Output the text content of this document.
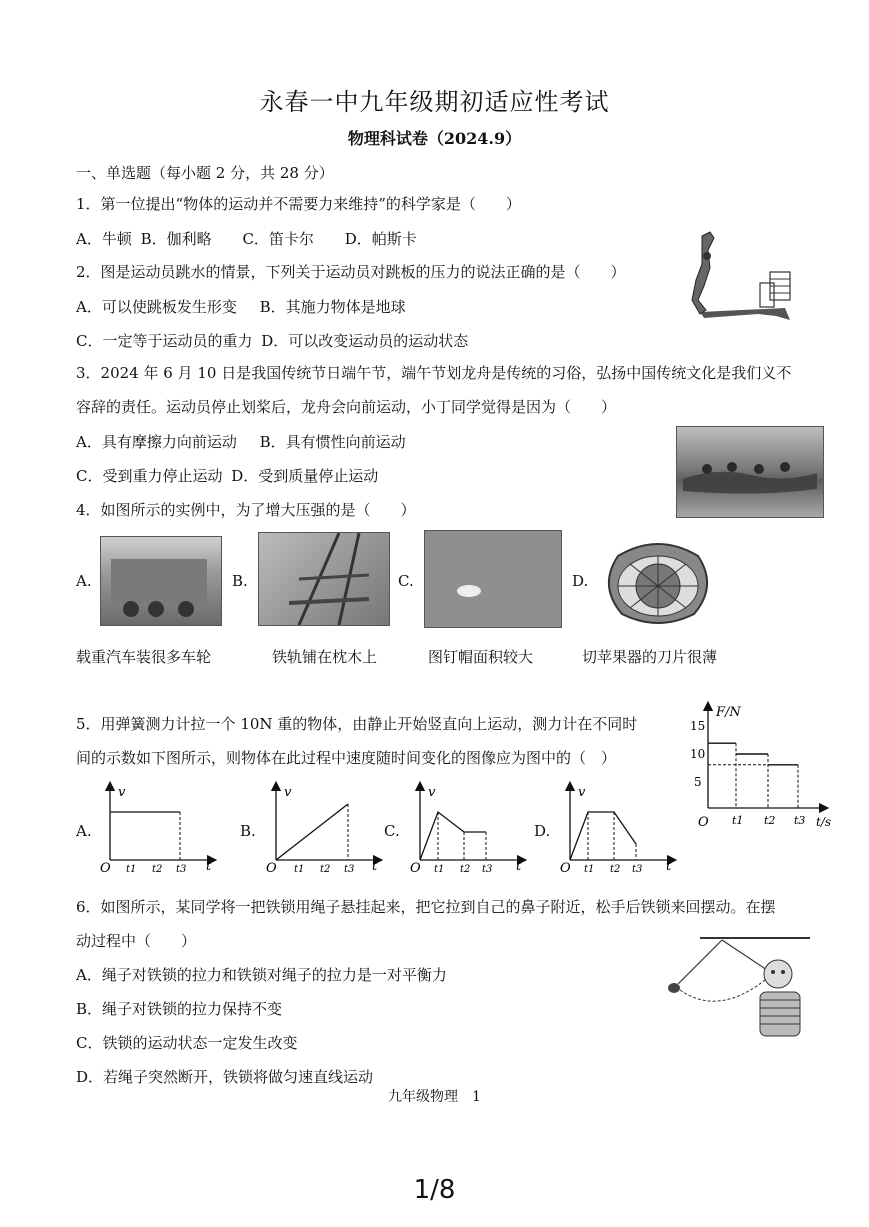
永春一中九年级期初适应性考试
物理科试卷（2024.9）
一、单选题（每小题 2 分，共 28 分）
1．第一位提出“物体的运动并不需要力来维持”的科学家是（　　）
A．牛顿 B．伽利略 C．笛卡尔 D．帕斯卡
2．图是运动员跳水的情景，下列关于运动员对跳板的压力的说法正确的是（　　）
A．可以使跳板发生形变 B．其施力物体是地球
C．一定等于运动员的重力 D．可以改变运动员的运动状态
3．2024 年 6 月 10 日是我国传统节日端午节，端午节划龙舟是传统的习俗，弘扬中国传统文化是我们义不
容辞的责任。运动员停止划桨后，龙舟会向前运动，小丁同学觉得是因为（　　）
A．具有摩擦力向前运动 B．具有惯性向前运动
C．受到重力停止运动 D．受到质量停止运动
4．如图所示的实例中，为了增大压强的是（　　）
A.	B.	C.	D.
载重汽车装很多车轮	铁轨铺在枕木上	图钉帽面积较大	切苹果器的刀片很薄
5．用弹簧测力计拉一个 10N 重的物体，由静止开始竖直向上运动，测力计在不同时
间的示数如下图所示，则物体在此过程中速度随时间变化的图像应为图中的（　）
F/N
t/s
15
10
5
O t1 t2 t3
A.
v
t
O t1 t2 t3
B.
v
t
O t1 t2 t3
C.
v
t
O t1 t2 t3
D.
v
t
O t1 t2 t3
6．如图所示，某同学将一把铁锁用绳子悬挂起来，把它拉到自己的鼻子附近，松手后铁锁来回摆动。在摆
动过程中（　　）
A．绳子对铁锁的拉力和铁锁对绳子的拉力是一对平衡力
B．绳子对铁锁的拉力保持不变
C．铁锁的运动状态一定发生改变
D．若绳子突然断开，铁锁将做匀速直线运动
九年级物理　1
1/8
